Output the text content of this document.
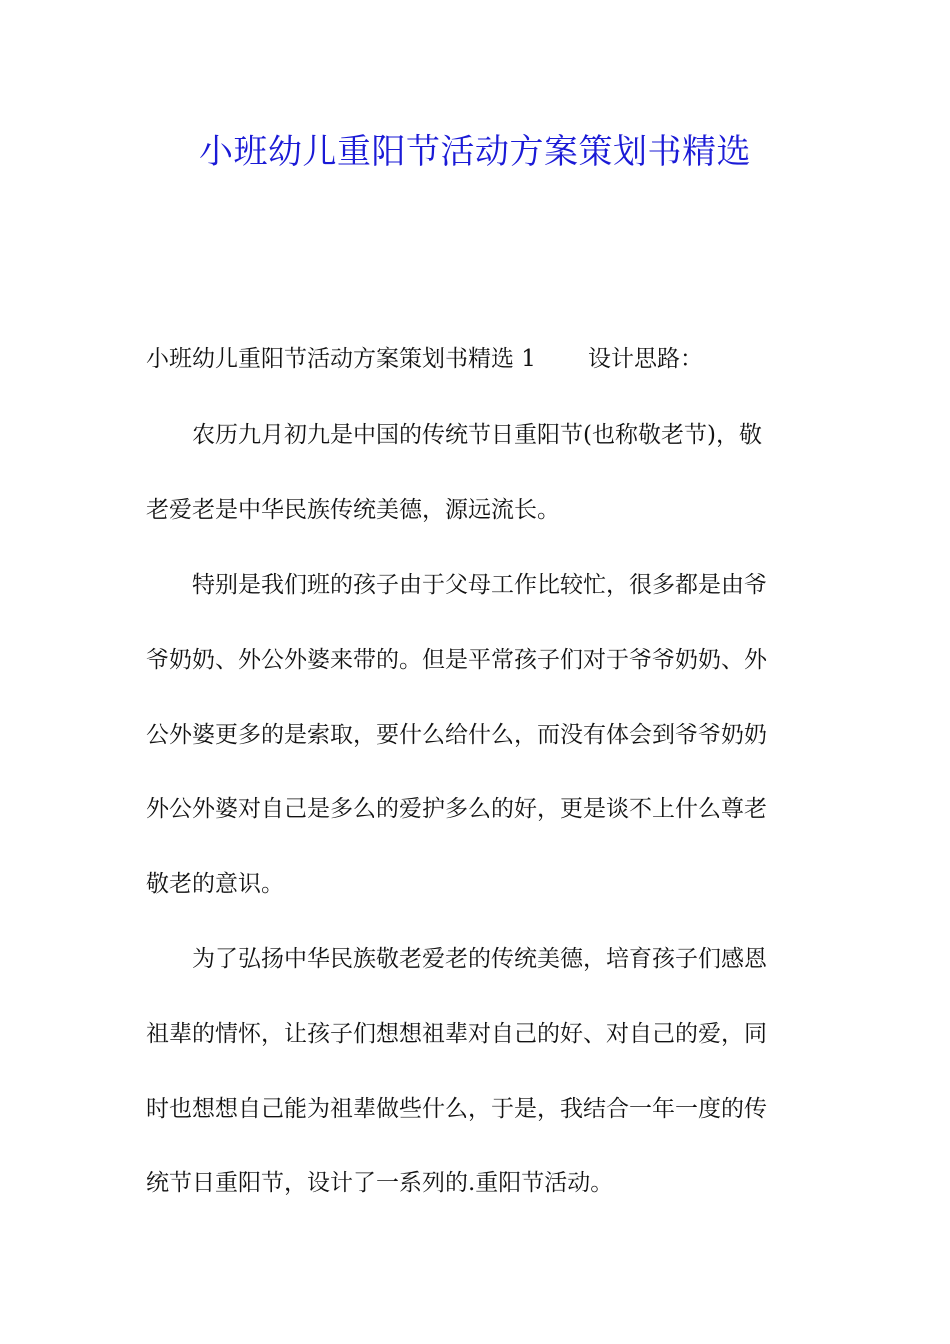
小班幼儿重阳节活动方案策划书精选
小班幼儿重阳节活动方案策划书精选 1 设计思路：
农历九月初九是中国的传统节日重阳节(也称敬老节)，敬
老爱老是中华民族传统美德，源远流长。
特别是我们班的孩子由于父母工作比较忙，很多都是由爷
爷奶奶、外公外婆来带的。但是平常孩子们对于爷爷奶奶、外
公外婆更多的是索取，要什么给什么，而没有体会到爷爷奶奶
外公外婆对自己是多么的爱护多么的好，更是谈不上什么尊老
敬老的意识。
为了弘扬中华民族敬老爱老的传统美德，培育孩子们感恩
祖辈的情怀，让孩子们想想祖辈对自己的好、对自己的爱，同
时也想想自己能为祖辈做些什么，于是，我结合一年一度的传
统节日重阳节，设计了一系列的.重阳节活动。
